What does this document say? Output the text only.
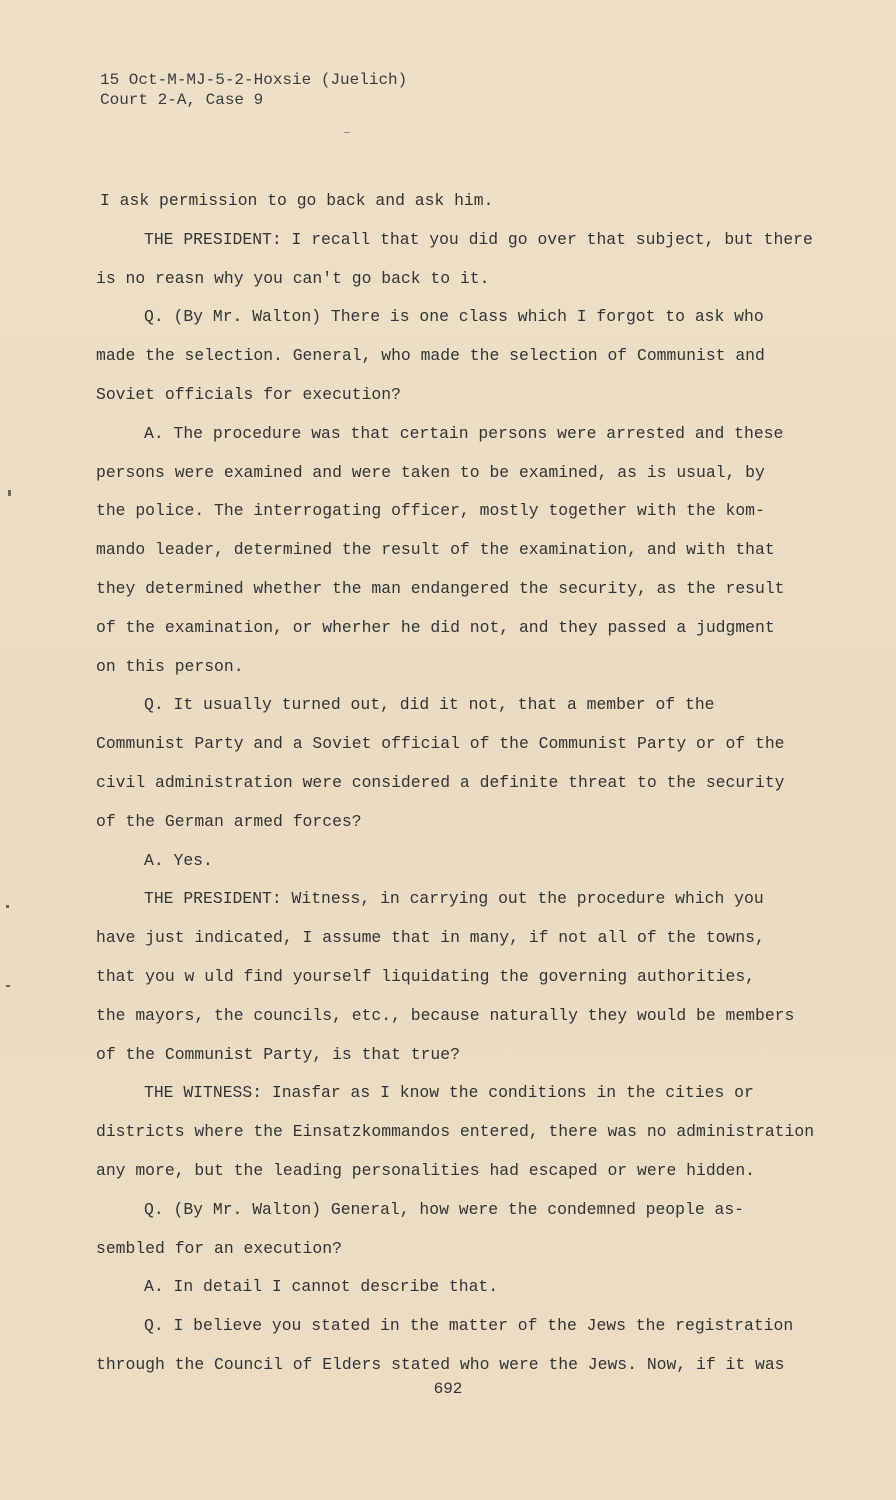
15 Oct-M-MJ-5-2-Hoxsie (Juelich)
Court 2-A, Case 9
I ask permission to go back and ask him.
THE PRESIDENT: I recall that you did go over that subject, but there
is no reasn why you can't go back to it.
Q. (By Mr. Walton) There is one class which I forgot to ask who
made the selection. General, who made the selection of Communist and
Soviet officials for execution?
A. The procedure was that certain persons were arrested and these
persons were examined and were taken to be examined, as is usual, by
the police. The interrogating officer, mostly together with the kom-
mando leader, determined the result of the examination, and with that
they determined whether the man endangered the security, as the result
of the examination, or wherher he did not, and they passed a judgment
on this person.
Q. It usually turned out, did it not, that a member of the
Communist Party and a Soviet official of the Communist Party or of the
civil administration were considered a definite threat to the security
of the German armed forces?
A. Yes.
THE PRESIDENT: Witness, in carrying out the procedure which you
have just indicated, I assume that in many, if not all of the towns,
that you w uld find yourself liquidating the governing authorities,
the mayors, the councils, etc., because naturally they would be members
of the Communist Party, is that true?
THE WITNESS: Inasfar as I know the conditions in the cities or
districts where the Einsatzkommandos entered, there was no administration
any more, but the leading personalities had escaped or were hidden.
Q. (By Mr. Walton) General, how were the condemned people as-
sembled for an execution?
A. In detail I cannot describe that.
Q. I believe you stated in the matter of the Jews the registration
through the Council of Elders stated who were the Jews. Now, if it was
692
